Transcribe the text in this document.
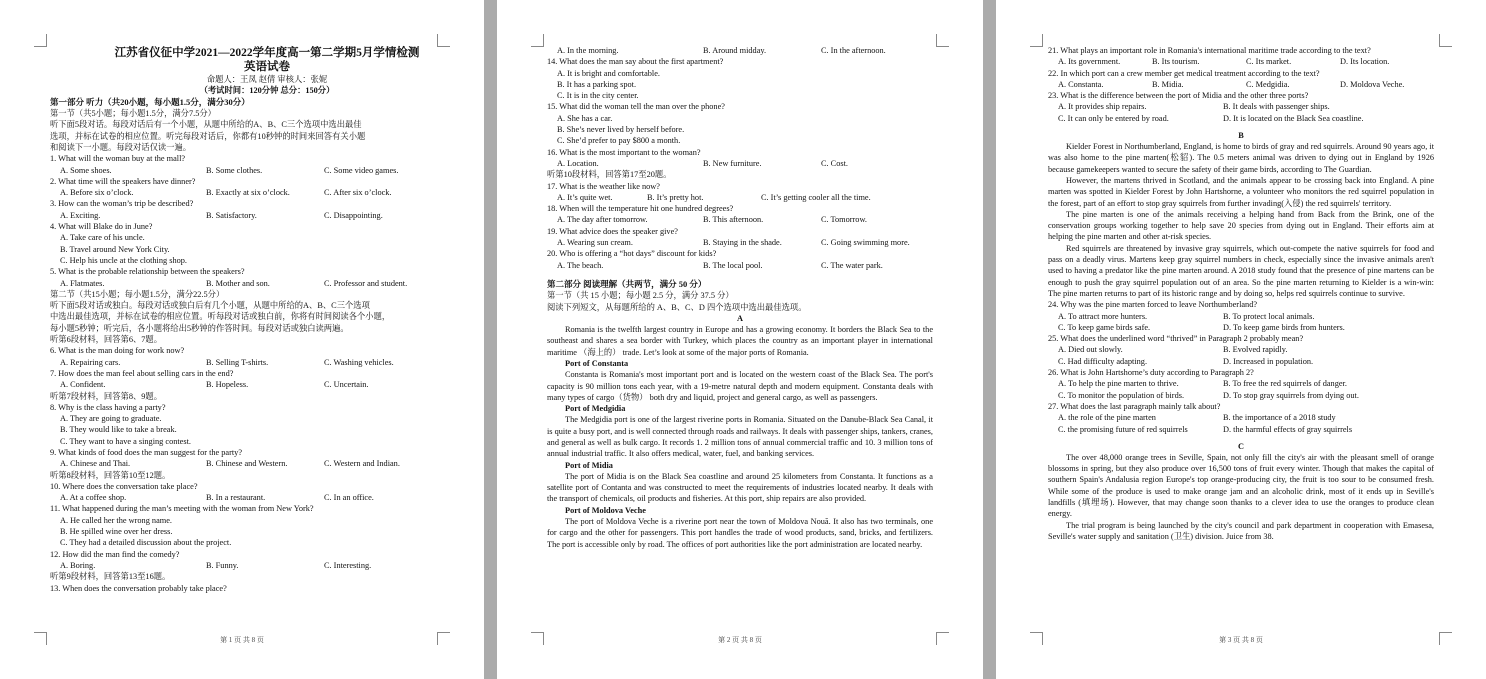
江苏省仪征中学2021—2022学年度高一第二学期5月学情检测
英语试卷
命题人：王凤 赵倩 审核人：张妮
（考试时间：120分钟 总分：150分）
第一部分 听力（共20小题，每小题1.5分，满分30分）
第一节（共5小题；每小题1.5分，满分7.5分）
听下面5段对话。每段对话后有一个小题，从题中所给的A、B、C三个选项中选出最佳
选项，并标在试卷的相应位置。听完每段对话后，你都有10秒钟的时间来回答有关小题
和阅读下一小题。每段对话仅读一遍。
1. What will the woman buy at the mall?
A. Some shoes.	B. Some clothes.	C. Some video games.
2. What time will the speakers have dinner?
A. Before six o’clock.	B. Exactly at six o’clock.	C. After six o’clock.
3. How can the woman’s trip be described?
A. Exciting.	B. Satisfactory.	C. Disappointing.
4. What will Blake do in June?
A. Take care of his uncle.
B. Travel around New York City.
C. Help his uncle at the clothing shop.
5. What is the probable relationship between the speakers?
A. Flatmates.	B. Mother and son.	C. Professor and student.
第二节（共15小题；每小题1.5分，满分22.5分）
听下面5段对话或独白。每段对话或独白后有几个小题，从题中所给的A、B、C三个选项
中选出最佳选项，并标在试卷的相应位置。听每段对话或独白前，你将有时间阅读各个小题，
每小题5秒钟；听完后，各小题将给出5秒钟的作答时间。每段对话或独白读两遍。
听第6段材料，回答第6、7题。
6. What is the man doing for work now?
A. Repairing cars.	B. Selling T-shirts.	C. Washing vehicles.
7. How does the man feel about selling cars in the end?
A. Confident.	B. Hopeless.	C. Uncertain.
听第7段材料，回答第8、9题。
8. Why is the class having a party?
A. They are going to graduate.
B. They would like to take a break.
C. They want to have a singing contest.
9. What kinds of food does the man suggest for the party?
A. Chinese and Thai.	B. Chinese and Western.	C. Western and Indian.
听第8段材料，回答第10至12题。
10. Where does the conversation take place?
A. At a coffee shop.	B. In a restaurant.	C. In an office.
11. What happened during the man’s meeting with the woman from New York?
A. He called her the wrong name.
B. He spilled wine over her dress.
C. They had a detailed discussion about the project.
12. How did the man find the comedy?
A. Boring.	B. Funny.	C. Interesting.
听第9段材料，回答第13至16题。
13. When does the conversation probably take place?
第 1 页 共 8 页
A. In the morning.	B. Around midday.	C. In the afternoon.
14. What does the man say about the first apartment?
A. It is bright and comfortable.
B. It has a parking spot.
C. It is in the city center.
15. What did the woman tell the man over the phone?
A. She has a car.
B. She’s never lived by herself before.
C. She’d prefer to pay $800 a month.
16. What is the most important to the woman?
A. Location.	B. New furniture.	C. Cost.
听第10段材料，回答第17至20题。
17. What is the weather like now?
A. It’s quite wet.	B. It’s pretty hot.	C. It’s getting cooler all the time.
18. When will the temperature hit one hundred degrees?
A. The day after tomorrow.	B. This afternoon.	C. Tomorrow.
19. What advice does the speaker give?
A. Wearing sun cream.	B. Staying in the shade.	C. Going swimming more.
20. Who is offering a “hot days” discount for kids?
A. The beach.	B. The local pool.	C. The water park.
第二部分 阅读理解（共两节，满分 50 分）
第一节（共 15 小题；每小题 2.5 分，满分 37.5 分）
阅读下列短文，从每题所给的 A、B、C、D 四个选项中选出最佳选项。
A
Romania is the twelfth largest country in Europe and has a growing economy. It borders the Black Sea to the southeast and shares a sea border with Turkey, which places the country as an important player in international maritime （海上的） trade. Let’s look at some of the major ports of Romania.
Port of Constanta
Constanta is Romania's most important port and is located on the western coast of the Black Sea. The port's capacity is 90 million tons each year, with a 19-metre natural depth and modern equipment. Constanta deals with many types of cargo（货物） both dry and liquid, project and general cargo, as well as passengers.
Port of Medgidia
The Medgidia port is one of the largest riverine ports in Romania. Situated on the Danube-Black Sea Canal, it is quite a busy port, and is well connected through roads and railways. It deals with passenger ships, tankers, cranes, and general as well as bulk cargo. It records 1. 2 million tons of annual commercial traffic and 10. 3 million tons of annual industrial traffic. It also offers medical, water, fuel, and banking services.
Port of Midia
The port of Midia is on the Black Sea coastline and around 25 kilometers from Constanta. It functions as a satellite port of Contanta and was constructed to meet the requirements of industries located nearby. It deals with the transport of chemicals, oil products and fisheries. At this port, ship repairs are also provided.
Port of Moldova Veche
The port of Moldova Veche is a riverine port near the town of Moldova Nouă. It also has two terminals, one for cargo and the other for passengers. This port handles the trade of wood products, sand, bricks, and fertilizers. The port is accessible only by road. The offices of port authorities like the port administration are located nearby.
第 2 页 共 8 页
21. What plays an important role in Romania's international maritime trade according to the text?
A. Its government.	B. Its tourism.	C. Its market.	D. Its location.
22. In which port can a crew member get medical treatment according to the text?
A. Constanta.	B. Midia.	C. Medgidia.	D. Moldova Veche.
23. What is the difference between the port of Midia and the other three ports?
A. It provides ship repairs.	B. It deals with passenger ships.
C. It can only be entered by road.	D. It is located on the Black Sea coastline.
B
Kielder Forest in Northumberland, England, is home to birds of gray and red squirrels. Around 90 years ago, it was also home to the pine marten(松貂). The 0.5 meters animal was driven to dying out in England by 1926 because gamekeepers wanted to secure the safety of their game birds, according to The Guardian.
However, the martens thrived in Scotland, and the animals appear to be crossing back into England. A pine marten was spotted in Kielder Forest by John Hartshorne, a volunteer who monitors the red squirrel population in the forest, part of an effort to stop gray squirrels from further invading(入侵) the red squirrels' territory.
The pine marten is one of the animals receiving a helping hand from Back from the Brink, one of the conservation groups working together to help save 20 species from dying out in England. Their efforts aim at helping the pine marten and other at-risk species.
Red squirrels are threatened by invasive gray squirrels, which out-compete the native squirrels for food and pass on a deadly virus. Martens keep gray squirrel numbers in check, especially since the invasive animals aren't used to having a predator like the pine marten around. A 2018 study found that the presence of pine martens can be enough to push the gray squirrel population out of an area. So the pine marten returning to Kielder is a win-win: The pine marten returns to part of its historic range and by doing so, helps red squirrels continue to survive.
24. Why was the pine marten forced to leave Northumberland?
A. To attract more hunters.	B. To protect local animals.
C. To keep game birds safe.	D. To keep game birds from hunters.
25. What does the underlined word “thrived” in Paragraph 2 probably mean?
A. Died out slowly.	B. Evolved rapidly.
C. Had difficulty adapting.	D. Increased in population.
26. What is John Hartshorne’s duty according to Paragraph 2?
A. To help the pine marten to thrive.	B. To free the red squirrels of danger.
C. To monitor the population of birds.	D. To stop gray squirrels from dying out.
27. What does the last paragraph mainly talk about?
A. the role of the pine marten	B. the importance of a 2018 study
C. the promising future of red squirrels	D. the harmful effects of gray squirrels
C
The over 48,000 orange trees in Seville, Spain, not only fill the city's air with the pleasant smell of orange blossoms in spring, but they also produce over 16,500 tons of fruit every winter. Though that makes the capital of southern Spain's Andalusia region Europe's top orange-producing city, the fruit is too sour to be consumed fresh. While some of the produce is used to make orange jam and an alcoholic drink, most of it ends up in Seville's landfills (填埋场). However, that may change soon thanks to a clever idea to use the oranges to produce clean energy.
The trial program is being launched by the city's council and park department in cooperation with Emasesa, Seville's water supply and sanitation (卫生) division. Juice from 38.
第 3 页 共 8 页
